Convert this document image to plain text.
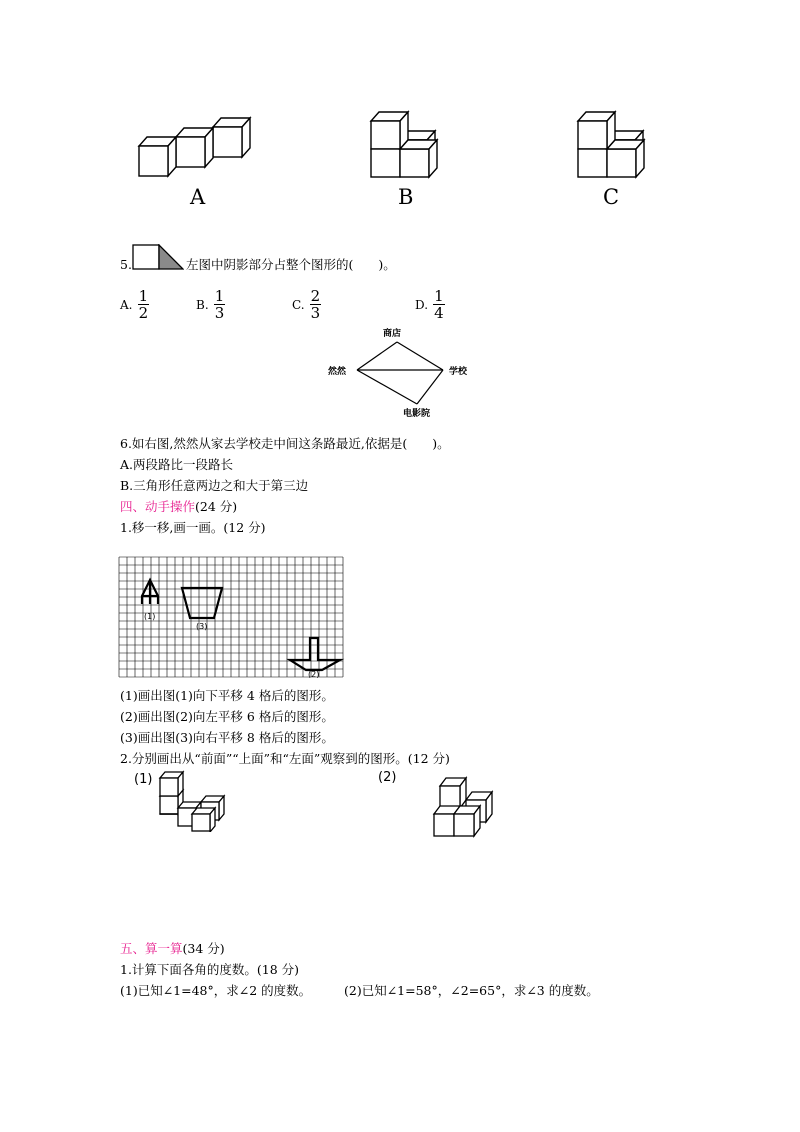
A	B	C
5.	左图中阴影部分占整个图形的(　　)。
A. $\frac{1}{2}$	B. $\frac{1}{3}$	C. $\frac{2}{3}$	D. $\frac{1}{4}$
商店
然然	学校
电影院
6.如右图,然然从家去学校走中间这条路最近,依据是(　　)。
A.两段路比一段路长
B.三角形任意两边之和大于第三边
四、动手操作(24 分)
1.移一移,画一画。(12 分)
(1)
(3)
(2)
(1)画出图(1)向下平移 4 格后的图形。
(2)画出图(2)向左平移 6 格后的图形。
(3)画出图(3)向右平移 8 格后的图形。
2.分别画出从“前面”“上面”和“左面”观察到的图形。(12 分)
(1)	(2)
五、算一算(34 分)
1.计算下面各角的度数。(18 分)
(1)已知∠1=48°，求∠2 的度数。	(2)已知∠1=58°，∠2=65°，求∠3 的度数。
